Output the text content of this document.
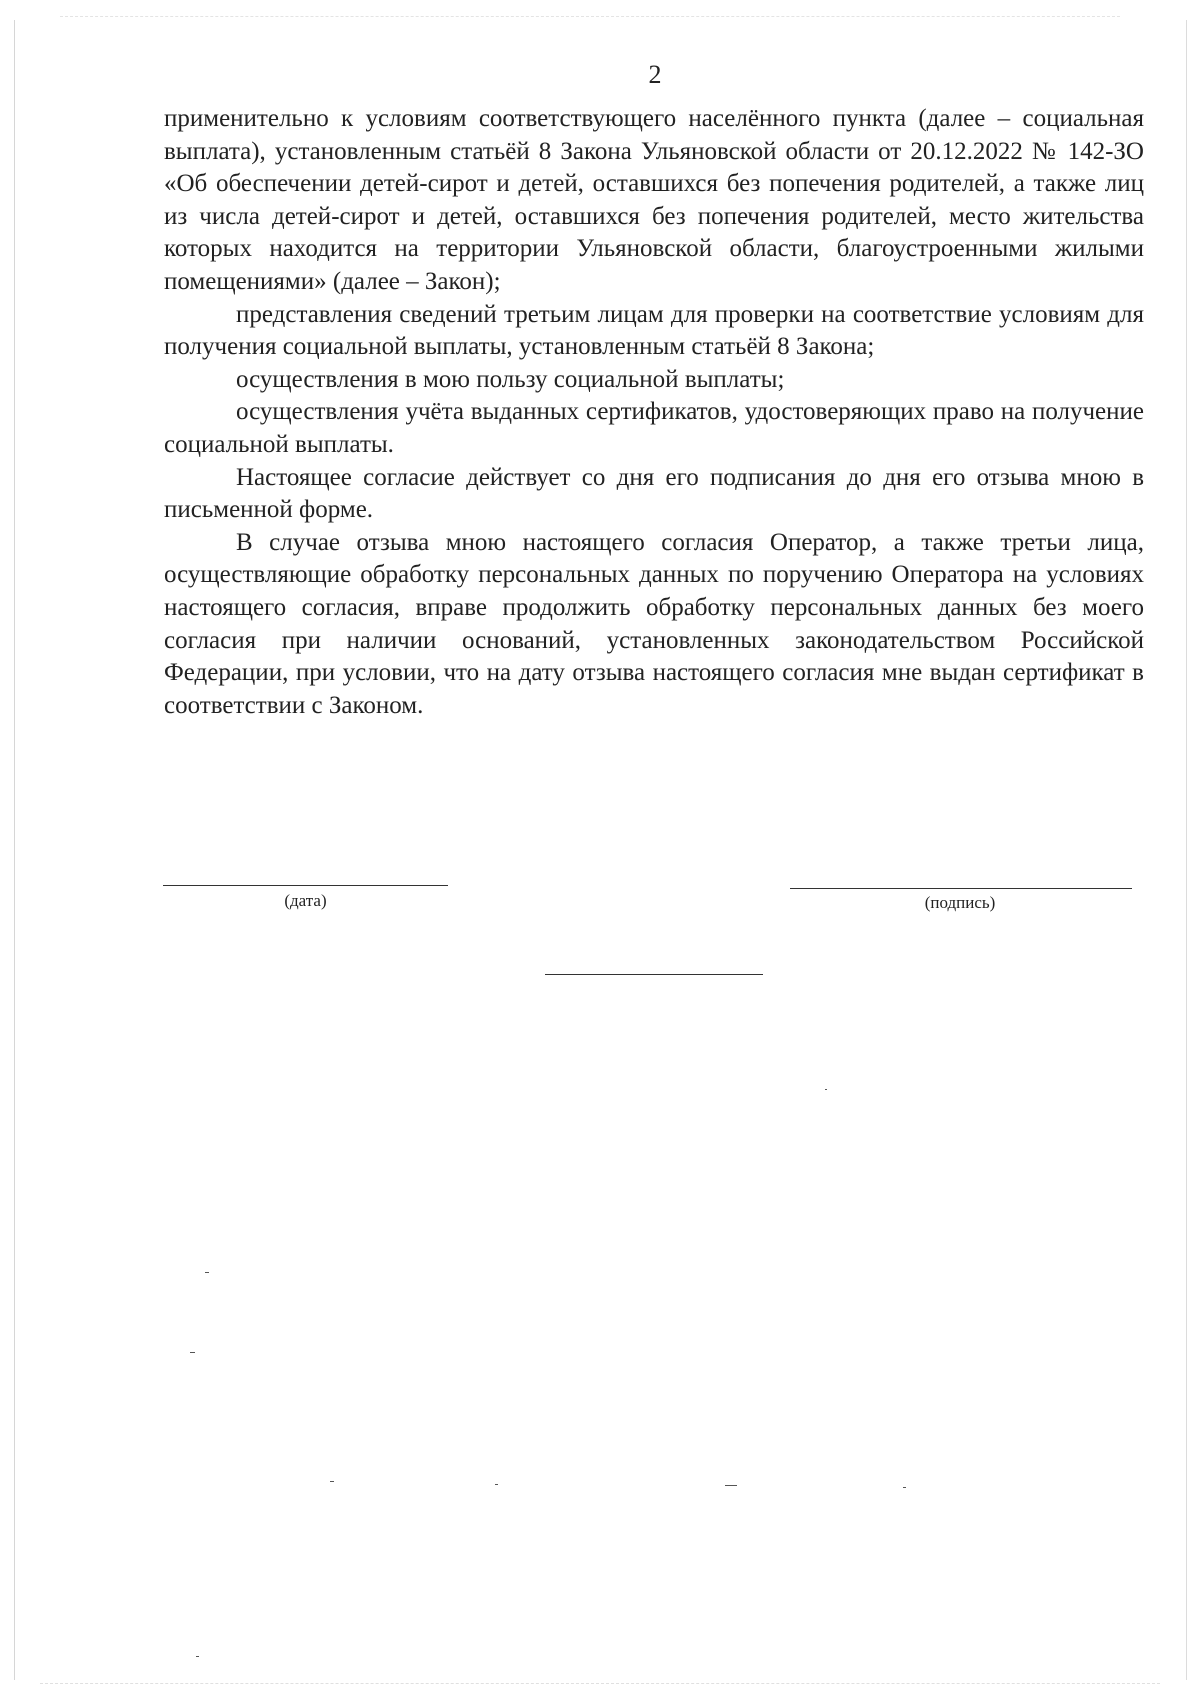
2

применительно к условиям соответствующего населённого пункта (далее – социальная выплата), установленным статьёй 8 Закона Ульяновской области от 20.12.2022 № 142-ЗО «Об обеспечении детей-сирот и детей, оставшихся без попечения родителей, а также лиц из числа детей-сирот и детей, оставшихся без попечения родителей, место жительства которых находится на территории Ульяновской области, благоустроенными жилыми помещениями» (далее – Закон);

представления сведений третьим лицам для проверки на соответствие условиям для получения социальной выплаты, установленным статьёй 8 Закона;

осуществления в мою пользу социальной выплаты;

осуществления учёта выданных сертификатов, удостоверяющих право на получение социальной выплаты.

Настоящее согласие действует со дня его подписания до дня его отзыва мною в письменной форме.

В случае отзыва мною настоящего согласия Оператор, а также третьи лица, осуществляющие обработку персональных данных по поручению Оператора на условиях настоящего согласия, вправе продолжить обработку персональных данных без моего согласия при наличии оснований, установленных законодательством Российской Федерации, при условии, что на дату отзыва настоящего согласия мне выдан сертификат в соответствии с Законом.

(дата)	(подпись)
